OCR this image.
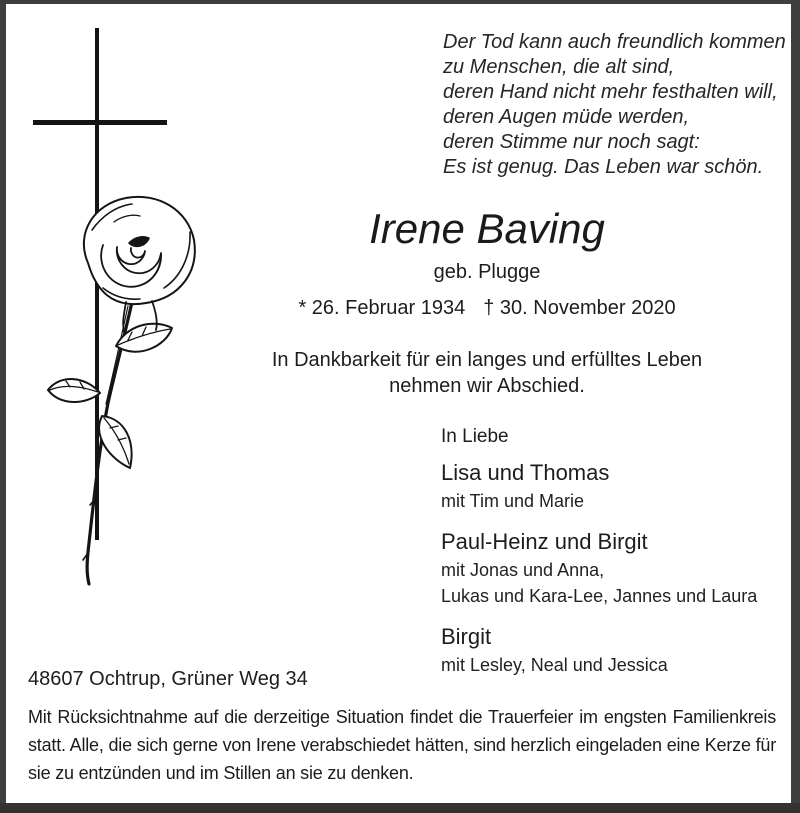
Der Tod kann auch freundlich kommen
zu Menschen, die alt sind,
deren Hand nicht mehr festhalten will,
deren Augen müde werden,
deren Stimme nur noch sagt:
Es ist genug. Das Leben war schön.
Irene Baving
geb. Plugge
* 26. Februar 1934 † 30. November 2020
In Dankbarkeit für ein langes und erfülltes Leben
nehmen wir Abschied.
In Liebe
Lisa und Thomas
mit Tim und Marie
Paul-Heinz und Birgit
mit Jonas und Anna,
Lukas und Kara-Lee, Jannes und Laura
Birgit
mit Lesley, Neal und Jessica
48607 Ochtrup, Grüner Weg 34
Mit Rücksichtnahme auf die derzeitige Situation findet die Trauerfeier im engsten Familienkreis statt. Alle, die sich gerne von Irene verabschiedet hätten, sind herzlich eingeladen eine Kerze für sie zu entzünden und im Stillen an sie zu denken.
